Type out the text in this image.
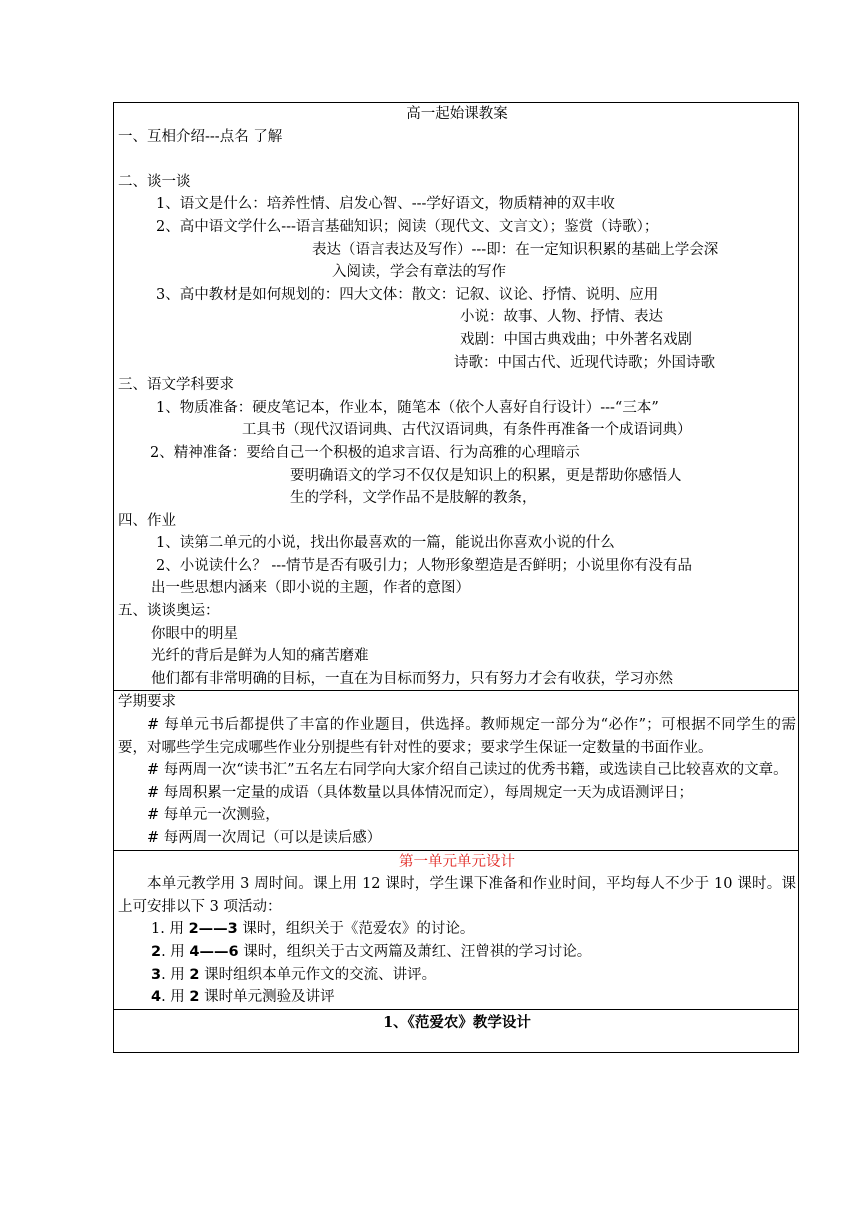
高一起始课教案
一、互相介绍---点名 了解
二、谈一谈
1、语文是什么：培养性情、启发心智、---学好语文，物质精神的双丰收
2、高中语文学什么---语言基础知识；阅读（现代文、文言文）；鉴赏（诗歌）；
表达（语言表达及写作）---即：在一定知识积累的基础上学会深
入阅读，学会有章法的写作
3、高中教材是如何规划的：四大文体：散文：记叙、议论、抒情、说明、应用
小说：故事、人物、抒情、表达
戏剧：中国古典戏曲；中外著名戏剧
诗歌：中国古代、近现代诗歌；外国诗歌
三、语文学科要求
1、物质准备：硬皮笔记本，作业本，随笔本（依个人喜好自行设计）---“三本”
工具书（现代汉语词典、古代汉语词典，有条件再准备一个成语词典）
2、精神准备：要给自己一个积极的追求言语、行为高雅的心理暗示
要明确语文的学习不仅仅是知识上的积累，更是帮助你感悟人
生的学科，文学作品不是肢解的教条，
四、作业
1、读第二单元的小说，找出你最喜欢的一篇，能说出你喜欢小说的什么
2、小说读什么？ ---情节是否有吸引力；人物形象塑造是否鲜明；小说里你有没有品
出一些思想内涵来（即小说的主题，作者的意图）
五、谈谈奥运：
你眼中的明星
光纤的背后是鲜为人知的痛苦磨难
他们都有非常明确的目标，一直在为目标而努力，只有努力才会有收获，学习亦然

学期要求
# 每单元书后都提供了丰富的作业题目，供选择。教师规定一部分为“必作”；可根据不同学生的需要，对哪些学生完成哪些作业分别提些有针对性的要求；要求学生保证一定数量的书面作业。
# 每两周一次“读书汇”五名左右同学向大家介绍自己读过的优秀书籍，或选读自己比较喜欢的文章。
# 每周积累一定量的成语（具体数量以具体情况而定），每周规定一天为成语测评日；
# 每单元一次测验，
# 每两周一次周记（可以是读后感）

第一单元单元设计
本单元教学用 3 周时间。课上用 12 课时，学生课下准备和作业时间，平均每人不少于 10 课时。课上可安排以下 3 项活动：
1. 用 2——3 课时，组织关于《范爱农》的讨论。
2. 用 4——6 课时，组织关于古文两篇及萧红、汪曾祺的学习讨论。
3. 用 2 课时组织本单元作文的交流、讲评。
4. 用 2 课时单元测验及讲评

1、《范爱农》教学设计
